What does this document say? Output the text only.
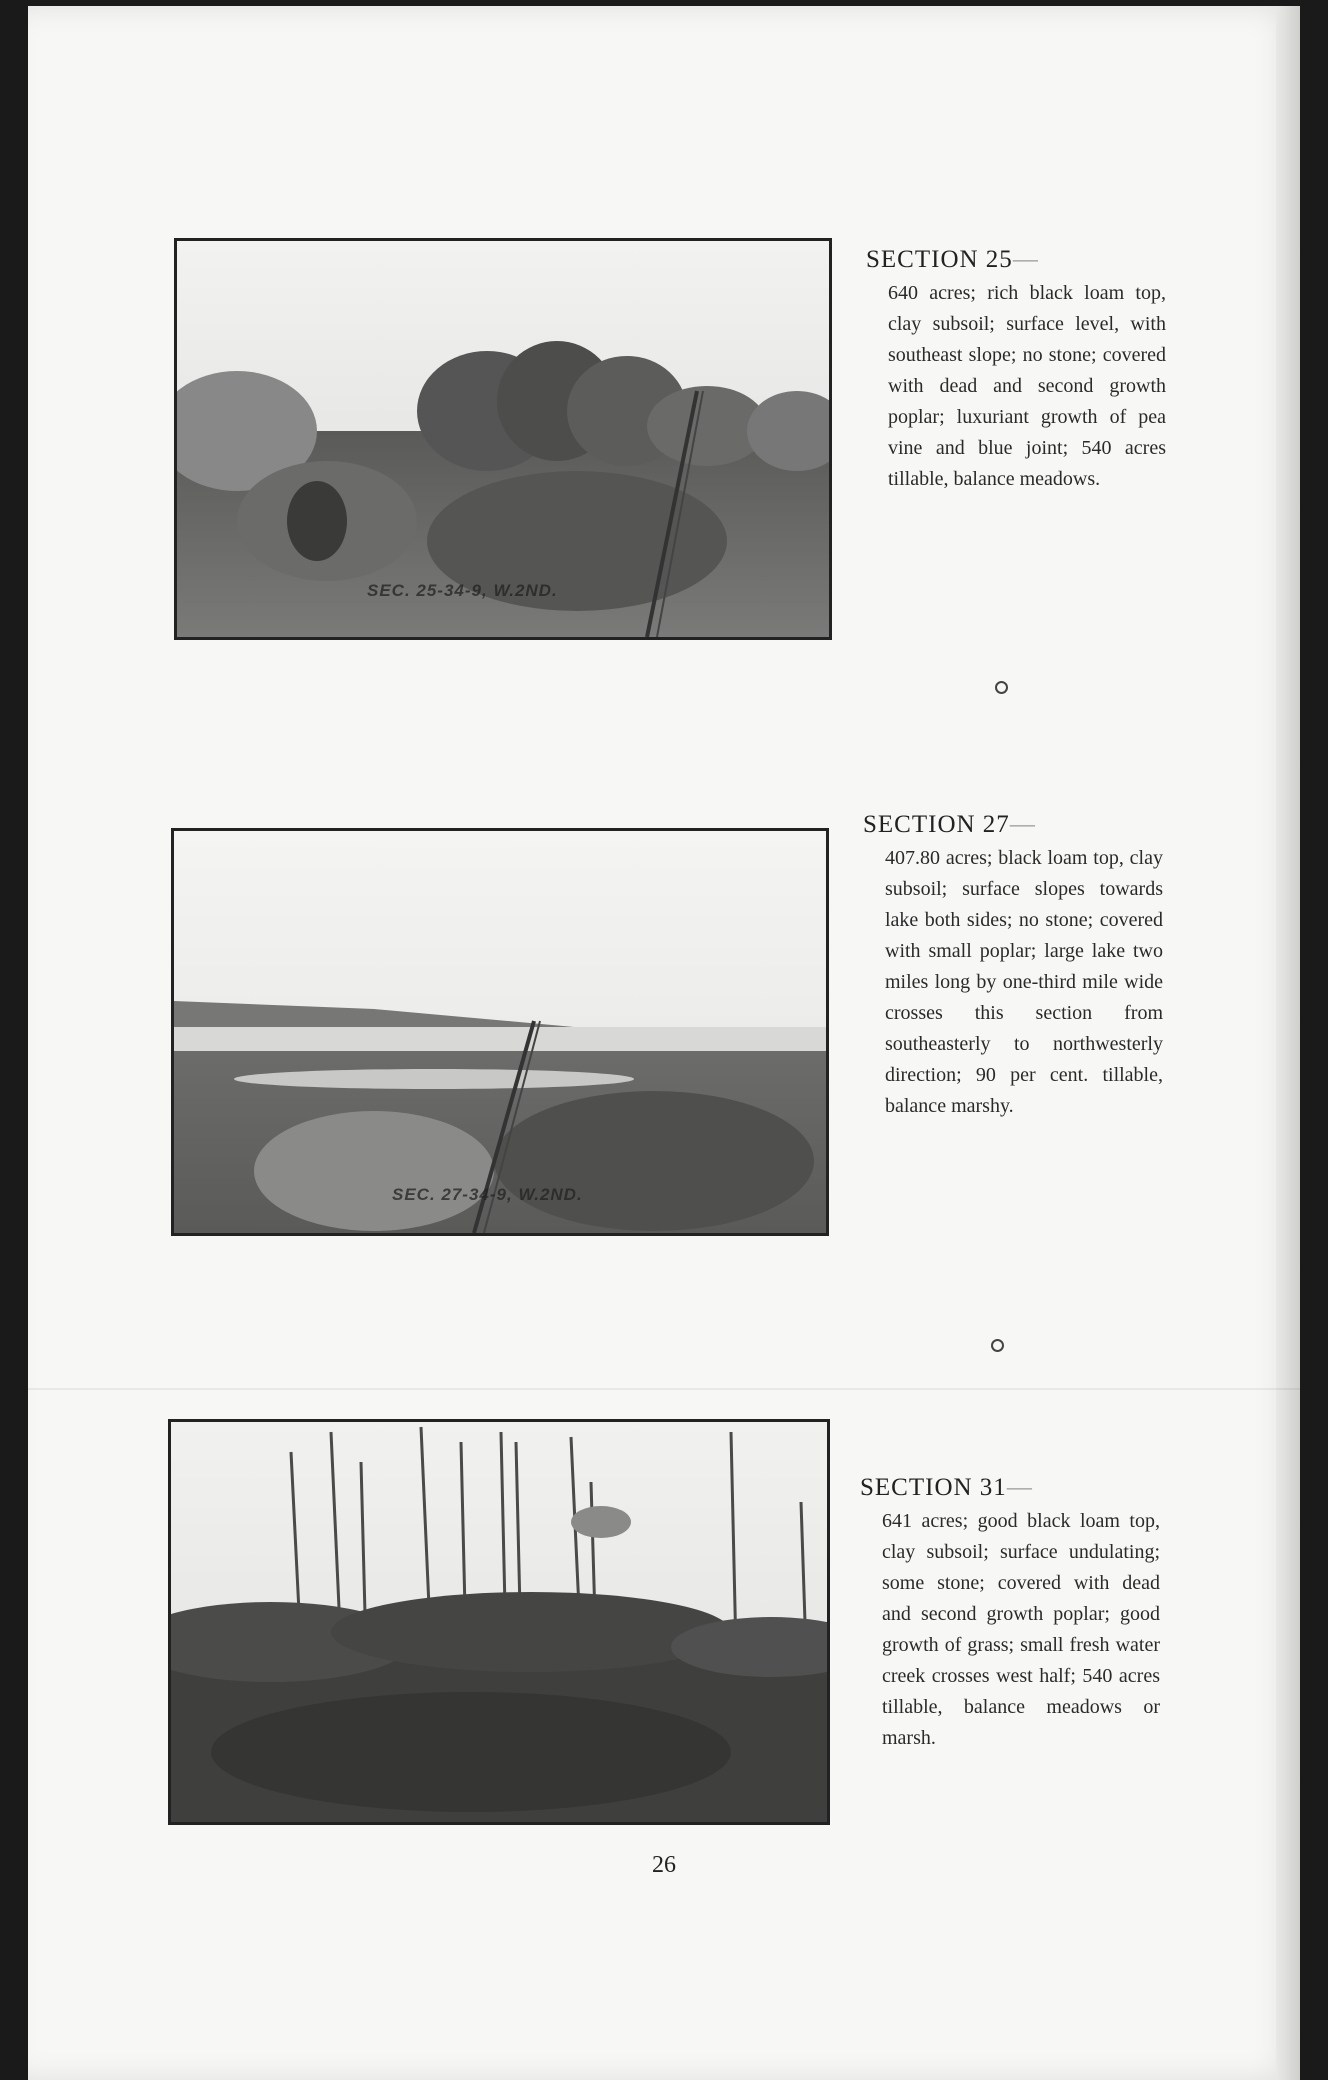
SEC. 25-34-9, W.2ND.
SECTION 25—

640 acres; rich black loam top, clay subsoil; surface level, with southeast slope; no stone; covered with dead and second growth poplar; luxuriant growth of pea vine and blue joint; 540 acres tillable, balance meadows.

SEC. 27-34-9, W.2ND.
SECTION 27—

407.80 acres; black loam top, clay subsoil; surface slopes towards lake both sides; no stone; covered with small poplar; large lake two miles long by one-third mile wide crosses this section from southeasterly to northwesterly direction; 90 per cent. tillable, balance marshy.

SECTION 31—

641 acres; good black loam top, clay subsoil; surface undulating; some stone; covered with dead and second growth poplar; good growth of grass; small fresh water creek crosses west half; 540 acres tillable, balance meadows or marsh.

26
